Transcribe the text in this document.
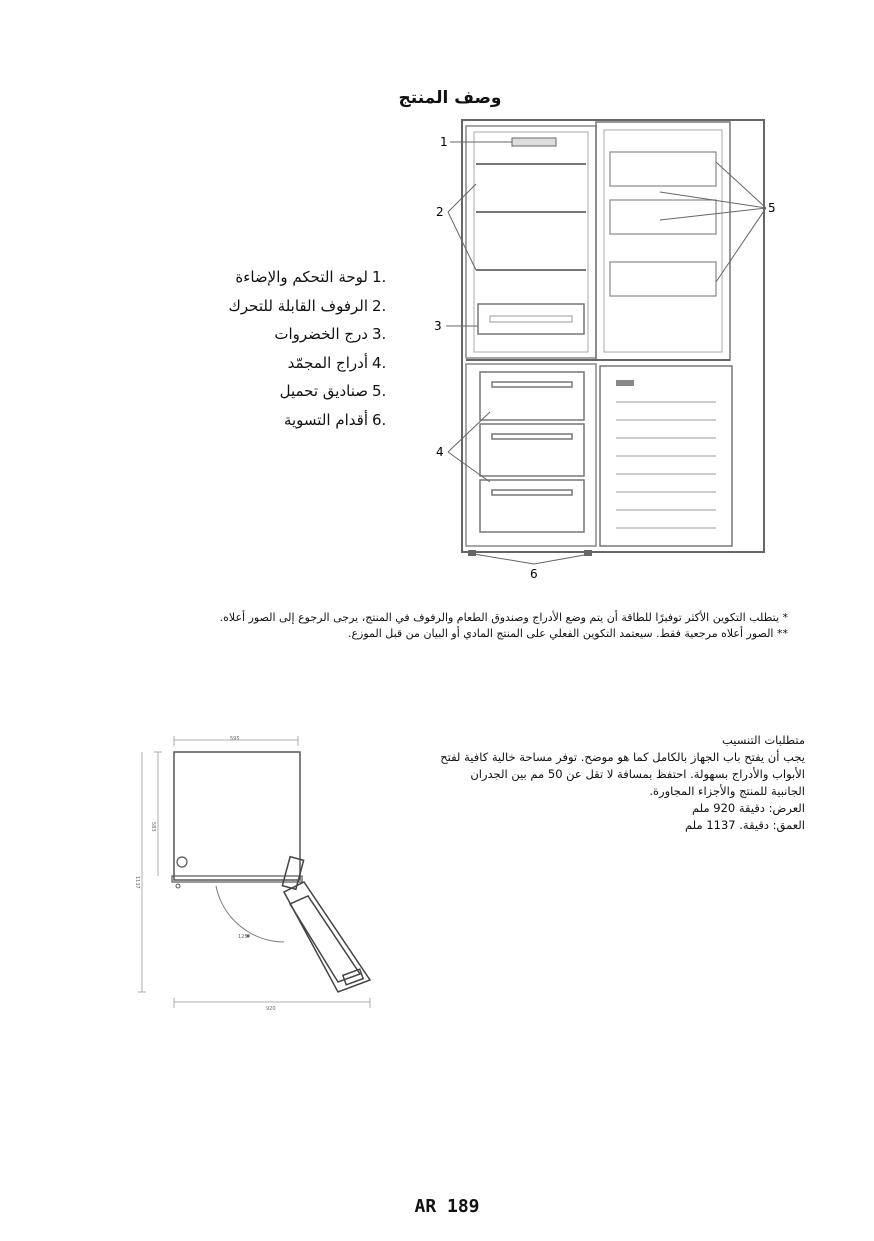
وصف المنتج
1
2
3
4
5
6
1.
لوحة التحكم والإضاءة
2.
الرفوف القابلة للتحرك
3.
درج الخضروات
4.
أدراج المجمّد
5.
صناديق تحميل
6.
أقدام التسوية
* يتطلب التكوين الأكثر توفيرًا للطاقة أن يتم وضع الأدراج وصندوق الطعام والرفوف في المنتج، يرجى الرجوع إلى الصور أعلاه.
** الصور أعلاه مرجعية فقط. سيعتمد التكوين الفعلي على المنتج المادي أو البيان من قبل الموزع.
595
583
1137
920
125°
متطلبات التنسيب
يجب أن يفتح باب الجهاز بالكامل كما هو موضح. توفر مساحة خالية كافية لفتح
الأبواب والأدراج بسهولة. احتفظ بمسافة لا تقل عن 50 مم بين الجدران
الجانبية للمنتج والأجزاء المجاورة.
العرض: دقيقة 920 ملم
العمق: دقيقة. 1137 ملم
AR 189
